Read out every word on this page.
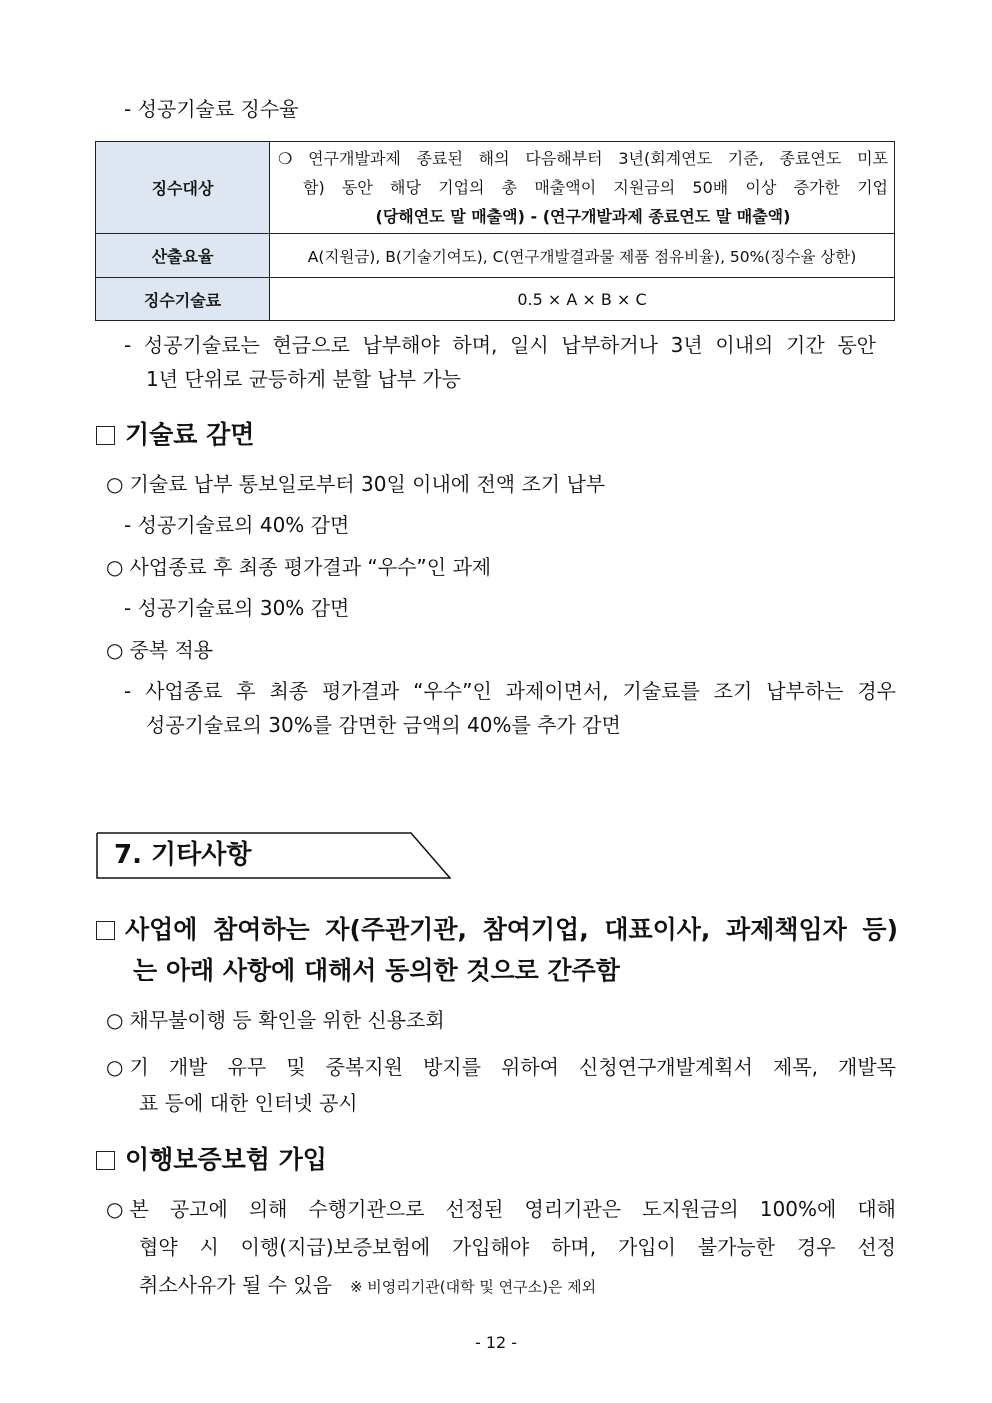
- 성공기술료 징수율
징수대상	❍ 연구개발과제 종료된 해의 다음해부터 3년(회계연도 기준, 종료연도 미포
함) 동안 해당 기업의 총 매출액이 지원금의 50배 이상 증가한 기업
(당해연도 말 매출액) - (연구개발과제 종료연도 말 매출액)

산출요율	A(지원금), B(기술기여도), C(연구개발결과물 제품 점유비율), 50%(징수율 상한)
징수기술료	0.5 × A × B × C
- 성공기술료는 현금으로 납부해야 하며, 일시 납부하거나 3년 이내의 기간 동안
1년 단위로 균등하게 분할 납부 가능
기술료 감면
○ 기술료 납부 통보일로부터 30일 이내에 전액 조기 납부
- 성공기술료의 40% 감면
○ 사업종료 후 최종 평가결과 “우수”인 과제
- 성공기술료의 30% 감면
○ 중복 적용
- 사업종료 후 최종 평가결과 “우수”인 과제이면서, 기술료를 조기 납부하는 경우
성공기술료의 30%를 감면한 금액의 40%를 추가 감면
7. 기타사항
사업에 참여하는 자(주관기관, 참여기업, 대표이사, 과제책임자 등)
는 아래 사항에 대해서 동의한 것으로 간주함
○ 채무불이행 등 확인을 위한 신용조회
○ 기 개발 유무 및 중복지원 방지를 위하여 신청연구개발계획서 제목, 개발목
표 등에 대한 인터넷 공시
이행보증보험 가입
○ 본 공고에 의해 수행기관으로 선정된 영리기관은 도지원금의 100%에 대해
협약 시 이행(지급)보증보험에 가입해야 하며, 가입이 불가능한 경우 선정
취소사유가 될 수 있음 ※ 비영리기관(대학 및 연구소)은 제외
- 12 -
